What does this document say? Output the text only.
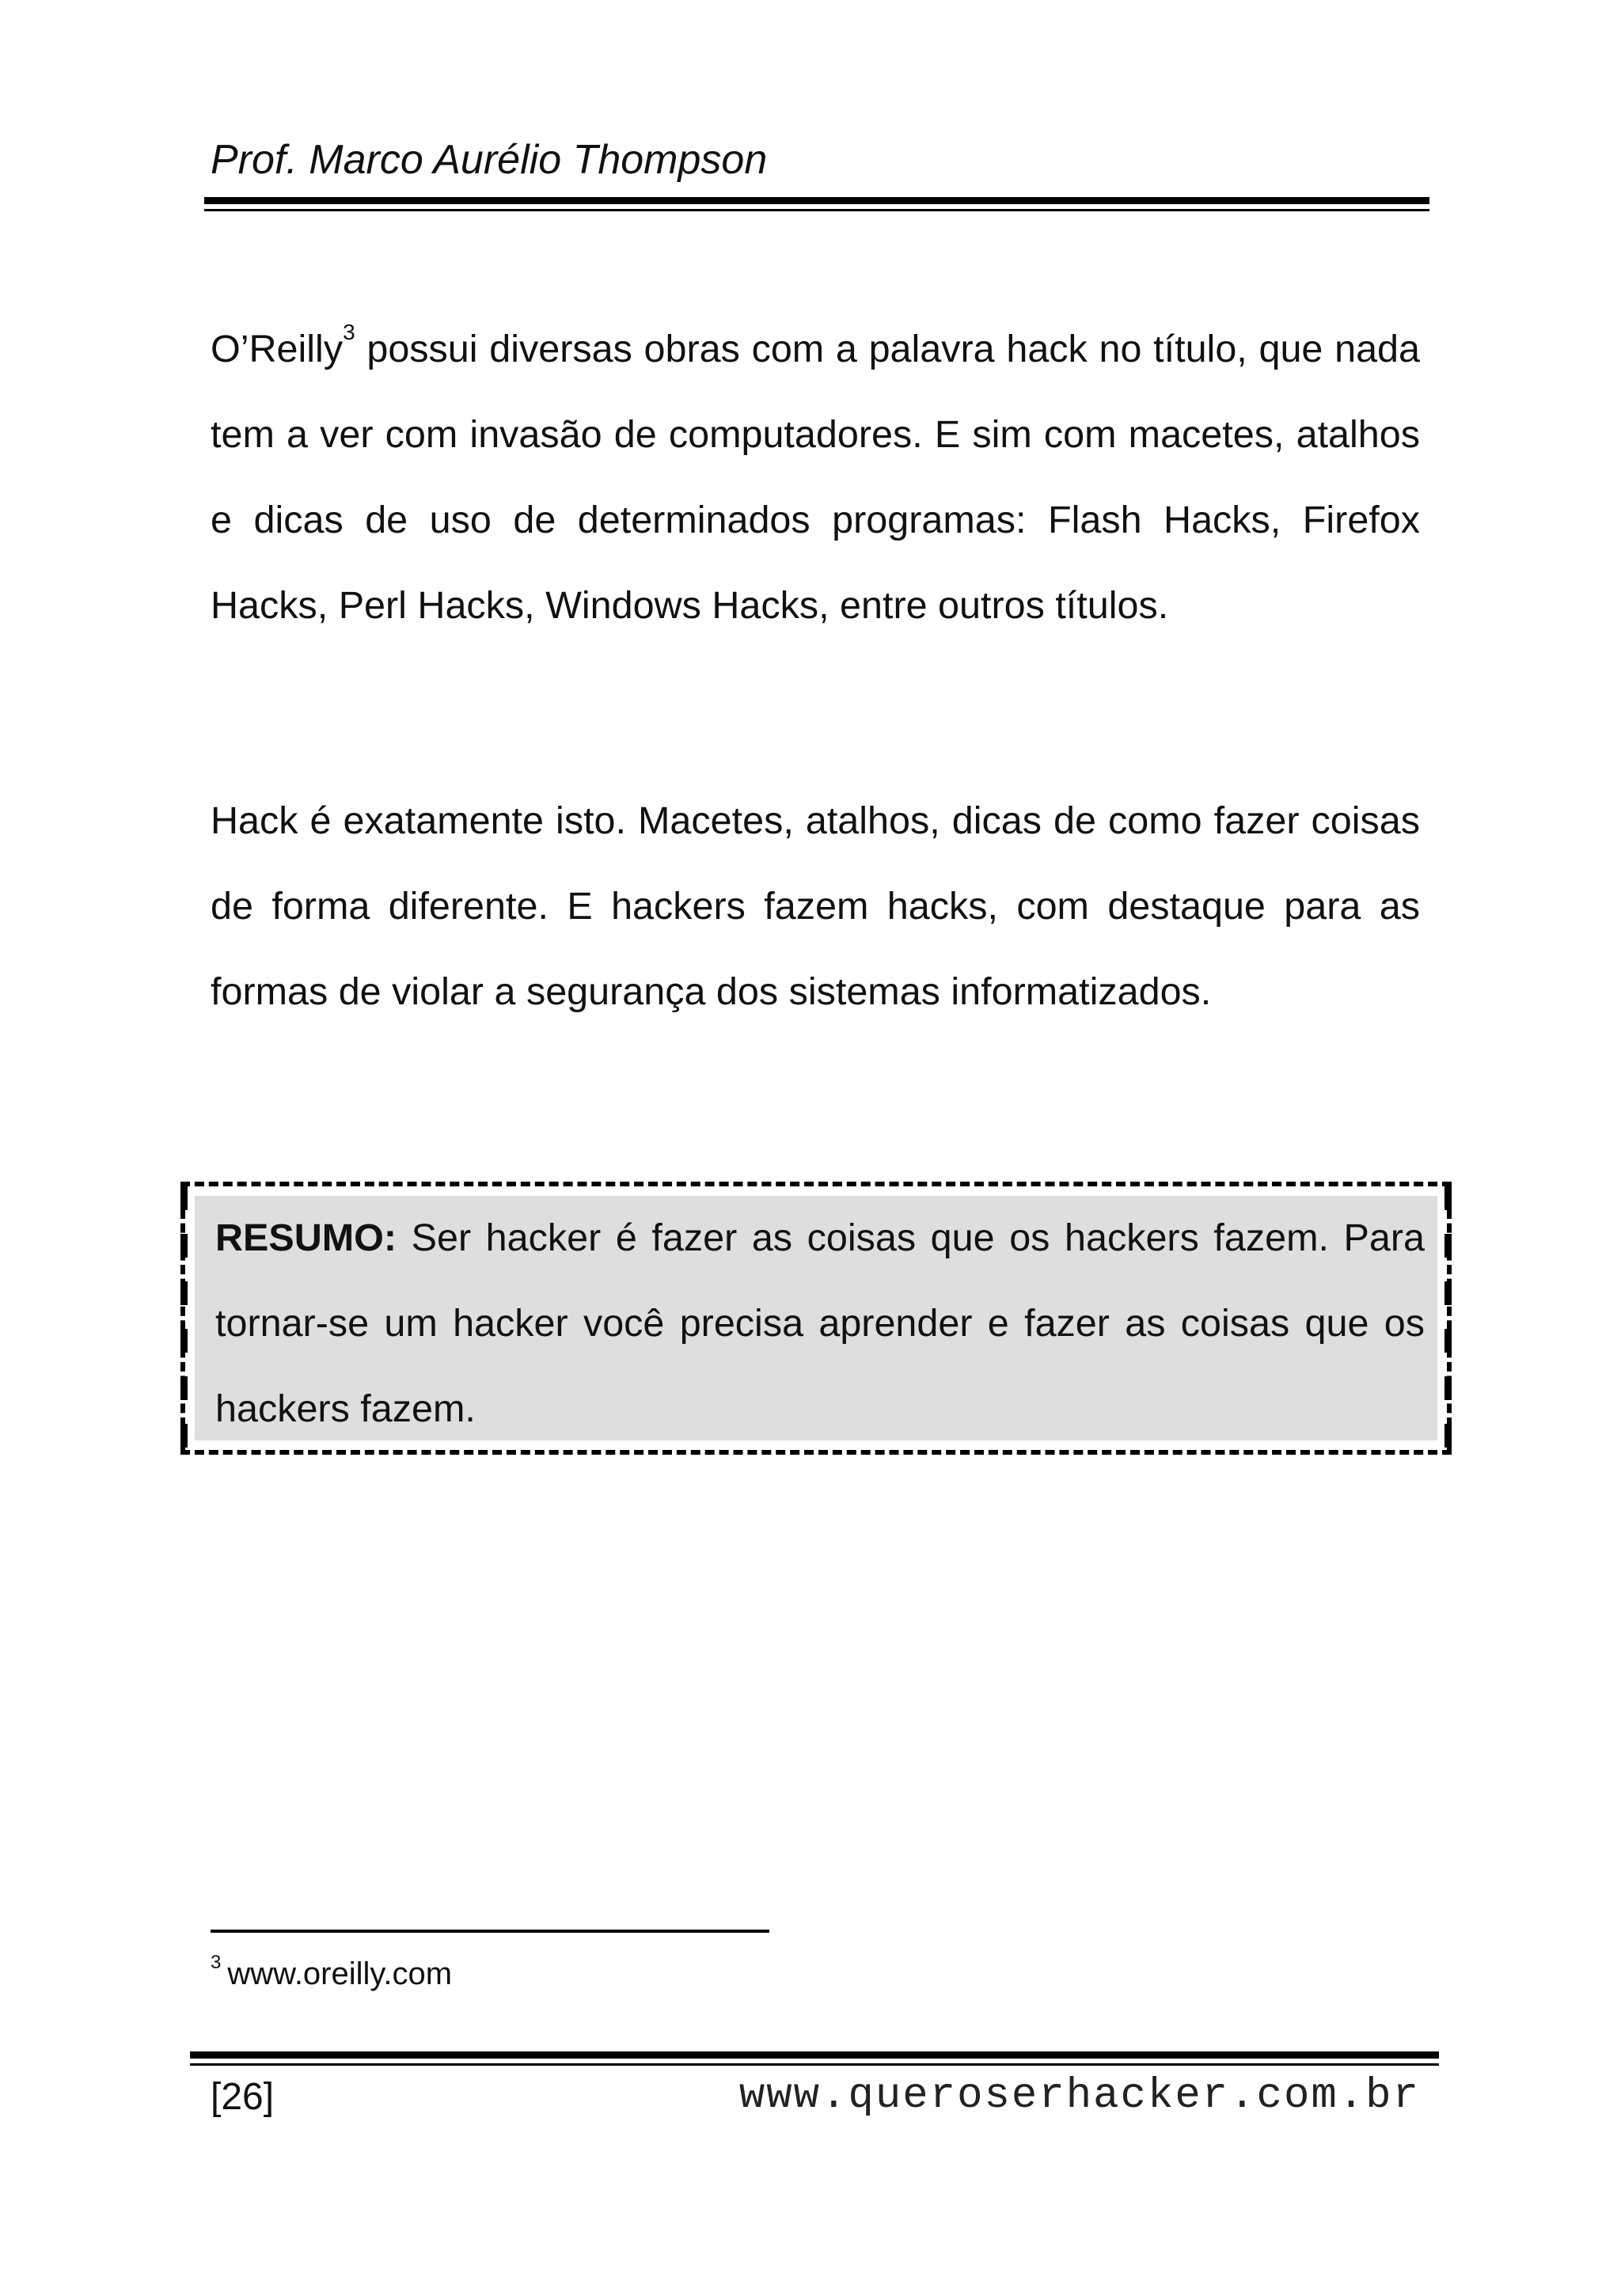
Prof. Marco Aurélio Thompson

O’Reilly$^3$ possui diversas obras com a palavra hack no título, que nada tem a ver com invasão de computadores. E sim com macetes, atalhos e dicas de uso de determinados programas: Flash Hacks, Firefox Hacks, Perl Hacks, Windows Hacks, entre outros títulos.

Hack é exatamente isto. Macetes, atalhos, dicas de como fazer coisas de forma diferente. E hackers fazem hacks, com destaque para as formas de violar a segurança dos sistemas informatizados.

RESUMO: Ser hacker é fazer as coisas que os hackers fazem. Para tornar-se um hacker você precisa aprender e fazer as coisas que os hackers fazem.
$^3$ www.oreilly.com
[26]	www.queroserhacker.com.br
